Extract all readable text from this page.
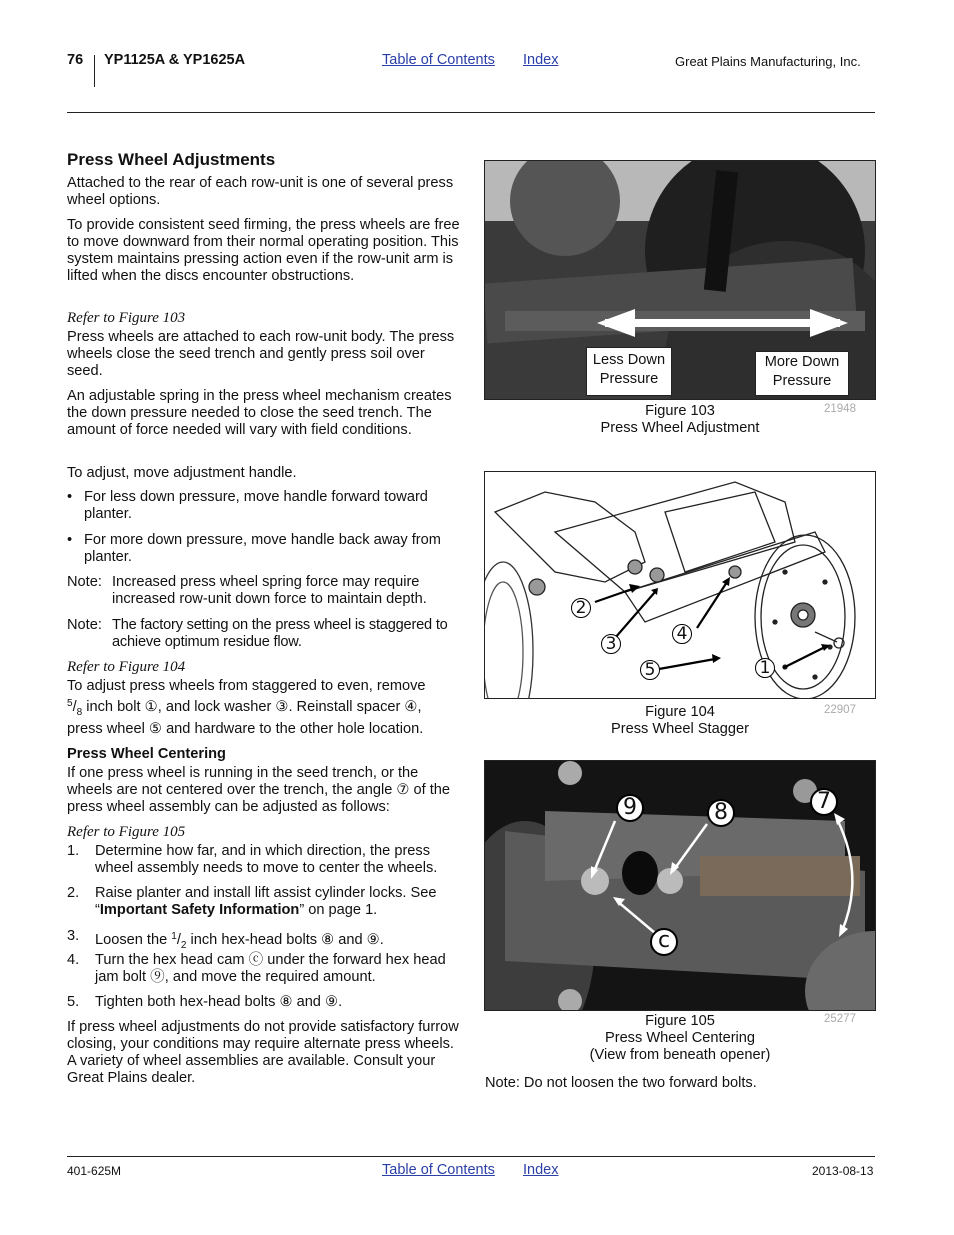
76 YP1125A & YP1625A	Table of Contents Index	Great Plains Manufacturing, Inc.
Press Wheel Adjustments

Attached to the rear of each row-unit is one of several press wheel options.

To provide consistent seed firming, the press wheels are free to move downward from their normal operating position. This system maintains pressing action even if the row-unit arm is lifted when the discs encounter obstructions.

Refer to Figure 103

Press wheels are attached to each row-unit body. The press wheels close the seed trench and gently press soil over seed.

An adjustable spring in the press wheel mechanism creates the down pressure needed to close the seed trench. The amount of force needed will vary with field conditions.

To adjust, move adjustment handle.

• For less down pressure, move handle forward toward planter.
• For more down pressure, move handle back away from planter.
Note: Increased press wheel spring force may require increased row-unit down force to maintain depth.
Note: The factory setting on the press wheel is staggered to achieve optimum residue flow.
Refer to Figure 104
To adjust press wheels from staggered to even, remove
$^5/_8$ inch bolt ①, and lock washer ③. Reinstall spacer ④,
press wheel ⑤ and hardware to the other hole location.
Press Wheel Centering

If one press wheel is running in the seed trench, or the wheels are not centered over the trench, the angle ⑦ of the press wheel assembly can be adjusted as follows:

Refer to Figure 105
1. Determine how far, and in which direction, the press wheel assembly needs to move to center the wheels.
2. Raise planter and install lift assist cylinder locks. See “Important Safety Information” on page 1.
3. Loosen the $^1/_2$ inch hex-head bolts ⑧ and ⑨.
4. Turn the hex head cam ⓒ under the forward hex head jam bolt ⑨, and move the required amount.
5. Tighten both hex-head bolts ⑧ and ⑨.

If press wheel adjustments do not provide satisfactory furrow closing, your conditions may require alternate press wheels. A variety of wheel assemblies are available. Consult your Great Plains dealer.

Less Down
Pressure
More Down
Pressure
Figure 103
Press Wheel Adjustment
21948
2
3	4
5	1
Figure 104
Press Wheel Stagger
22907
9	8	7
c
Figure 105
Press Wheel Centering
(View from beneath opener)
25277
Note: Do not loosen the two forward bolts.
401-625M	Table of Contents Index	2013-08-13
